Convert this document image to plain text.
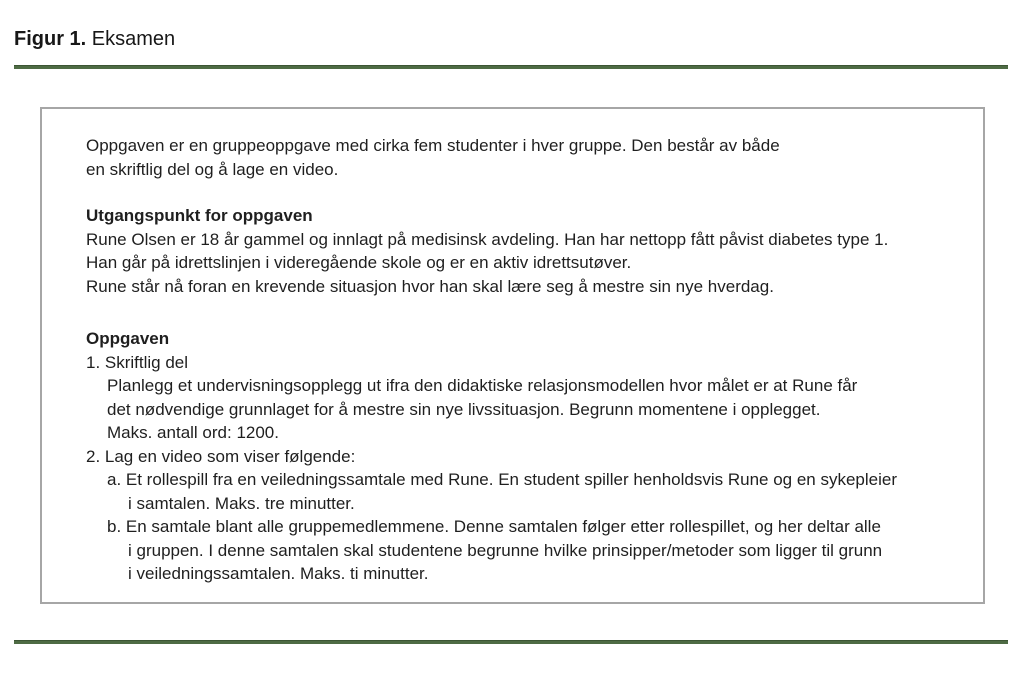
Figur 1. Eksamen
Oppgaven er en gruppeoppgave med cirka fem studenter i hver gruppe. Den består av både
en skriftlig del og å lage en video.
Utgangspunkt for oppgaven
Rune Olsen er 18 år gammel og innlagt på medisinsk avdeling. Han har nettopp fått påvist diabetes type 1.
Han går på idrettslinjen i videregående skole og er en aktiv idrettsutøver.
Rune står nå foran en krevende situasjon hvor han skal lære seg å mestre sin nye hverdag.
Oppgaven
1. Skriftlig del
Planlegg et undervisningsopplegg ut ifra den didaktiske relasjonsmodellen hvor målet er at Rune får
det nødvendige grunnlaget for å mestre sin nye livssituasjon. Begrunn momentene i opplegget.
Maks. antall ord: 1200.
2. Lag en video som viser følgende:
a. Et rollespill fra en veiledningssamtale med Rune. En student spiller henholdsvis Rune og en sykepleier
i samtalen. Maks. tre minutter.
b. En samtale blant alle gruppemedlemmene. Denne samtalen følger etter rollespillet, og her deltar alle
i gruppen. I denne samtalen skal studentene begrunne hvilke prinsipper/metoder som ligger til grunn
i veiledningssamtalen. Maks. ti minutter.
